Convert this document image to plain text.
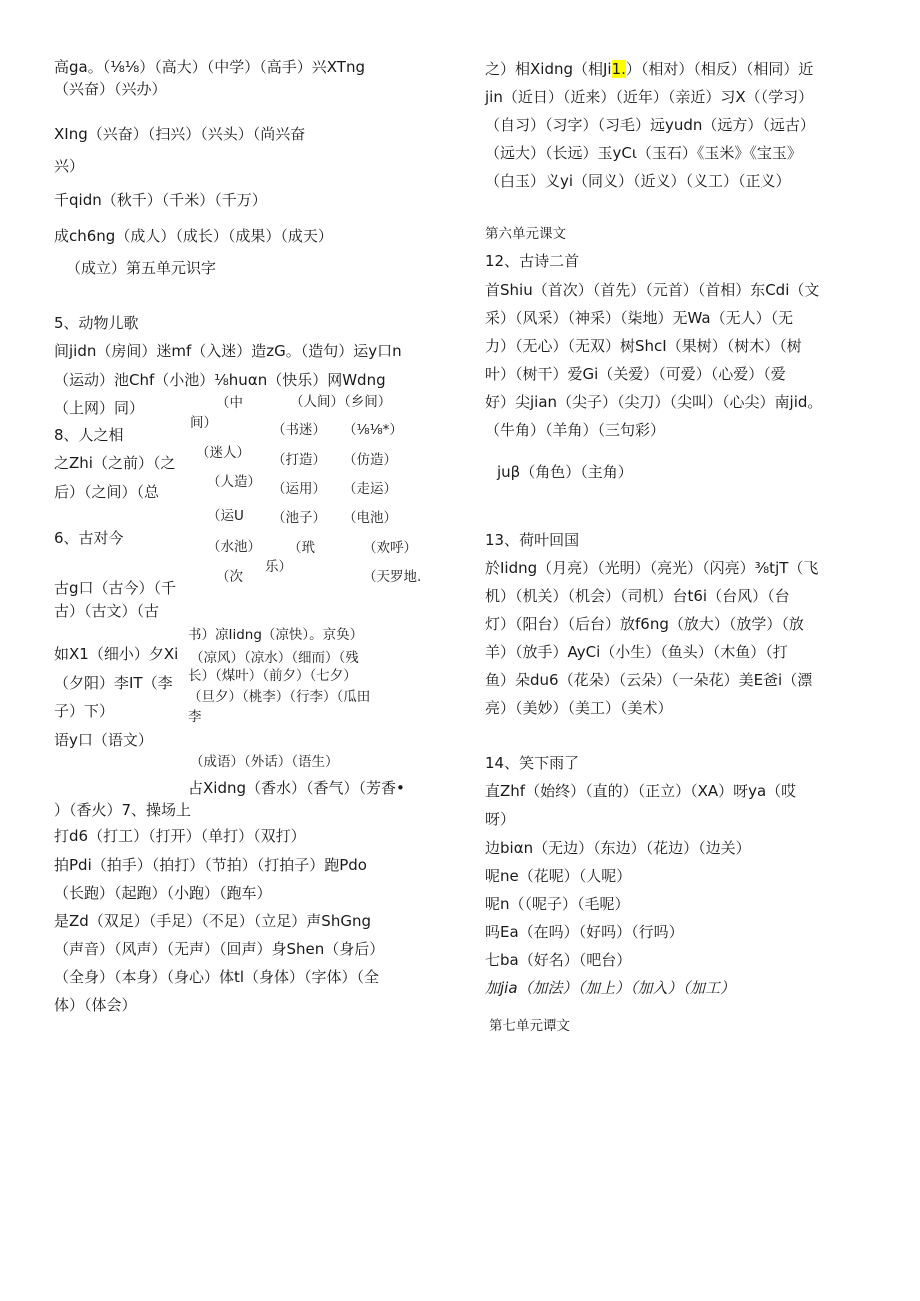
高ga。（⅛⅛）（高大）（中学）（高手）兴XTng
（兴奋）（兴办）
XIng（兴奋）（扫兴）（兴头）（尚兴奋
兴）
千qidn（秋千）（千米）（千万）
成ch6ng（成人）（成长）（成果）（成天）
（成立）第五单元识字
5、动物儿歌
间jidn（房间）迷mf（入迷）造zG。（造句）运y口n
（运动）池Chf（小池）⅛huαn（快乐）网Wdng
（上网）同）
8、人之相
之Zhi（之前）（之
后）（之间）（总
6、古对今
古g口（古今）（千
古）（古文）（古
如X1（细小）夕Xi
（夕阳）李IT（李
子）下）
语y口（语文）
（中
间）
（人间）（乡间）
（书迷） （⅛⅛*）
（迷人） （打造） （仿造）
（人造） （运用） （走运）
（运U （池子） （电池）
（水池） （玳	（欢呼）
（次
乐）
（天罗地.
书）凉Iidng（凉快）。京奂）
（凉风）（凉水）（细而）（残
长）（煤叶）（前夕）（七夕）
（旦夕）（桃李）（行李）（瓜田
李
（成语）（外话）（语生）
占Xidng（香水）（香气）（芳香•
）（香火）7、操场上
打d6（打工）（打开）（单打）（双打）
拍Pdi（拍手）（拍打）（节拍）（打拍子）跑Pdo
（长跑）（起跑）（小跑）（跑车）
是Zd（双足）（手足）（不足）（立足）声ShGng
（声音）（风声）（无声）（回声）身Shen（身后）
（全身）（本身）（身心）体tl（身体）（字体）（全
体）（体会）
之）相Xidng（相Ji1.）（相对）（相反）（相同）近
jin（近日）（近来）（近年）（亲近）习X（（学习）
（自习）（习字）（习毛）远yudn（远方）（远古）
（远大）（长远）玉yCι（玉石）《玉米》《宝玉》
（白玉）义yi（同义）（近义）（义工）（正义）
第六单元课文
12、古诗二首
首Shiu（首次）（首先）（元首）（首相）东Cdi（文
采）（风采）（神采）（柒地）无Wa（无人）（无
力）（无心）（无双）树ShcI（果树）（树木）（树
叶）（树干）爱Gi（关爱）（可爱）（心爱）（爱
好）尖jian（尖子）（尖刀）（尖叫）（心尖）南jid。
（牛角）（羊角）（三句彩）
juβ（角色）（主角）
13、荷叶回国
於Iidng（月亮）（光明）（亮光）（闪亮）⅜tjT（飞
机）（机关）（机会）（司机）台t6i（台风）（台
灯）（阳台）（后台）放f6ng（放大）（放学）（放
羊）（放手）AyCi（小生）（鱼头）（木鱼）（打
鱼）朵du6（花朵）（云朵）（一朵花）美E爸i（漂
亮）（美妙）（美工）（美术）
14、笑下雨了
直Zhf（始终）（直的）（正立）（XA）呀ya（哎
呀）
边biαn（无边）（东边）（花边）（边关）
呢ne（花呢）（人呢）
呢n（（呢子）（毛呢）
吗Ea（在吗）（好吗）（行吗）
七ba（好名）（吧台）
加jia（加法）（加上）（加入）（加工）
第七单元谭文
